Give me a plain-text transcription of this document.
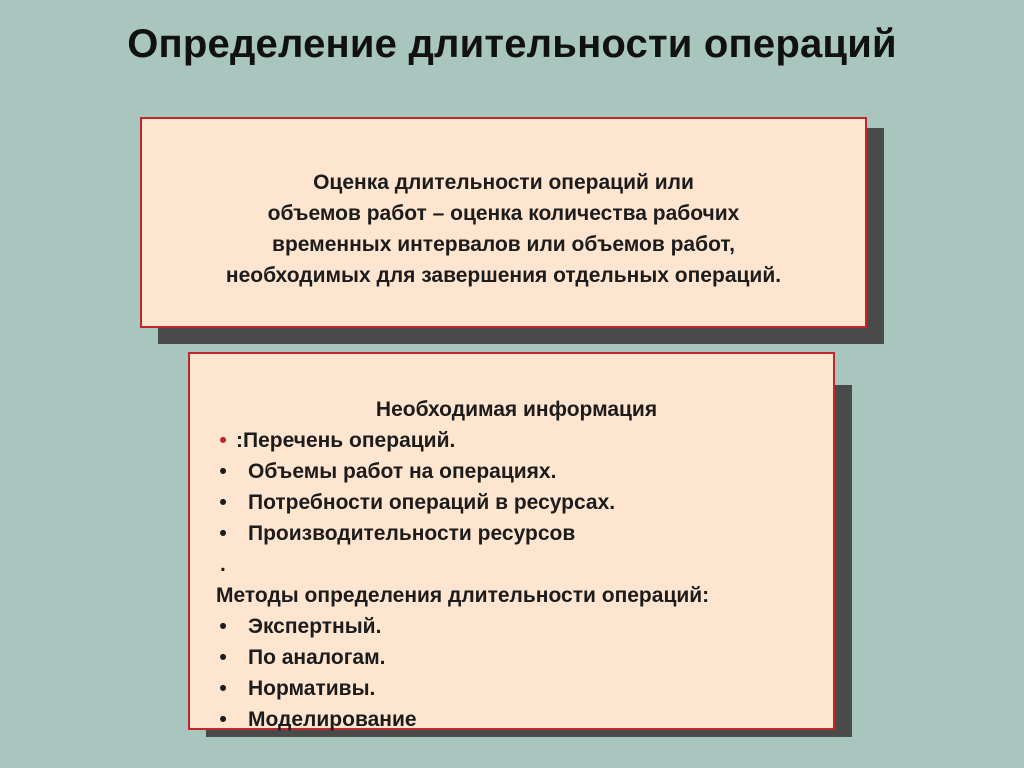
Определение длительности операций
Оценка длительности операций или
объемов работ – оценка количества рабочих
временных интервалов или объемов работ,
необходимых для завершения отдельных операций.
Необходимая информация
• :Перечень операций.
• Объемы работ на операциях.
• Потребности операций в ресурсах.
• Производительности ресурсов
.
Методы определения длительности операций:
• Экспертный.
• По аналогам.
• Нормативы.
• Моделирование
